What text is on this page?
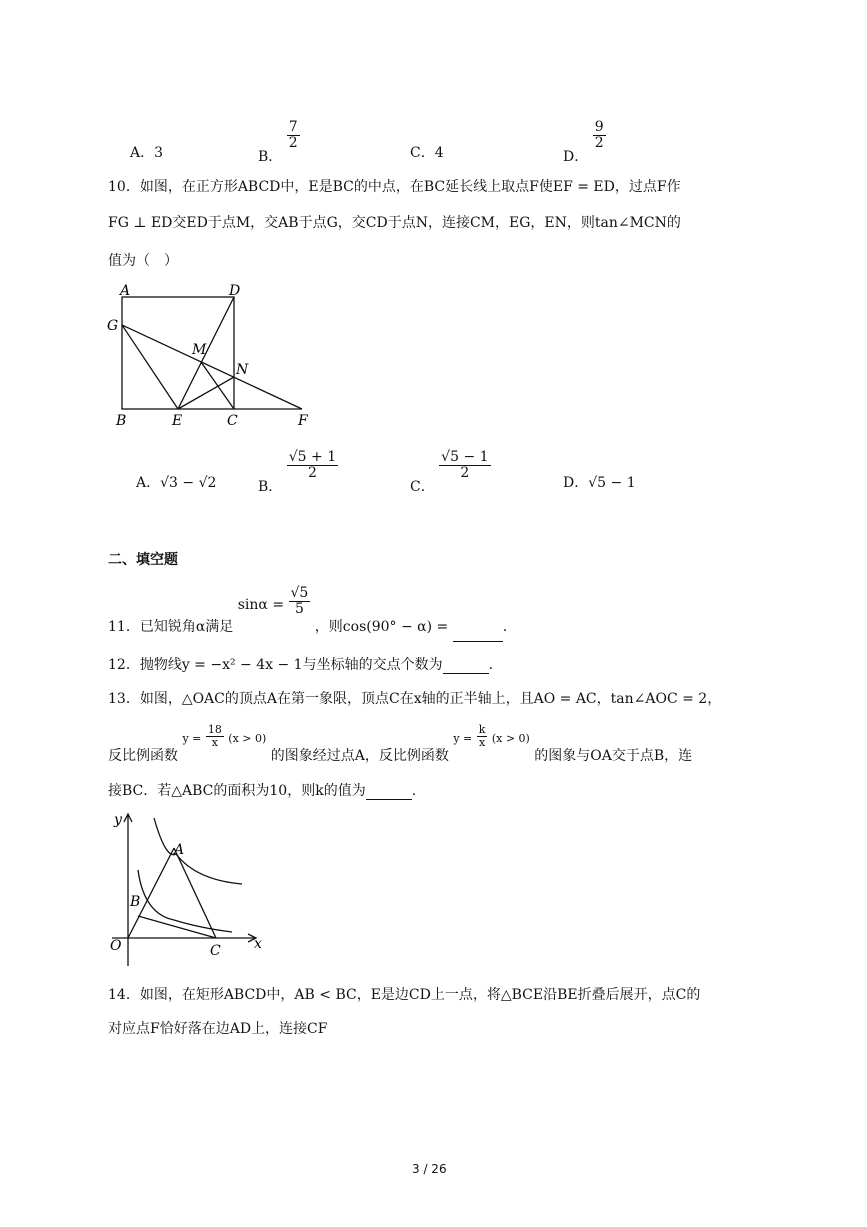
A．3	B．
$\frac{7}{2}$
C．4	D．
$\frac{9}{2}$
10．如图，在正方形ABCD中，E是BC的中点，在BC延长线上取点F使EF = ED，过点F作
FG ⊥ ED交ED于点M，交AB于点G，交CD于点N，连接CM，EG，EN，则tan∠MCN的
值为（　）
A	D
G
M
N
B	E	C	F
A．√3 − √2	B．
$\frac{√5 + 1}{2}$
C．
$\frac{√5 - 1}{2}$
D．√5 − 1
二、填空题
11．已知锐角α满足 $\sin\alpha = \frac{√5}{5}$
，则cos(90° − α) =	.
12．抛物线y = −x² − 4x − 1与坐标轴的交点个数为	.
13．如图，△OAC的顶点A在第一象限，顶点C在x轴的正半轴上，且AO = AC，tan∠AOC = 2，
反比例函数 $y = \frac{18}{x} (x > 0)$ 的图象经过点A，反比例函数 $y = \frac{k}{x} (x > 0)$ 的图象与OA交于点B，连
接BC．若△ABC的面积为10，则k的值为	.
y
A
B
O	C x
14．如图，在矩形ABCD中，AB < BC，E是边CD上一点，将△BCE沿BE折叠后展开，点C的
对应点F恰好落在边AD上，连接CF
3 / 26
